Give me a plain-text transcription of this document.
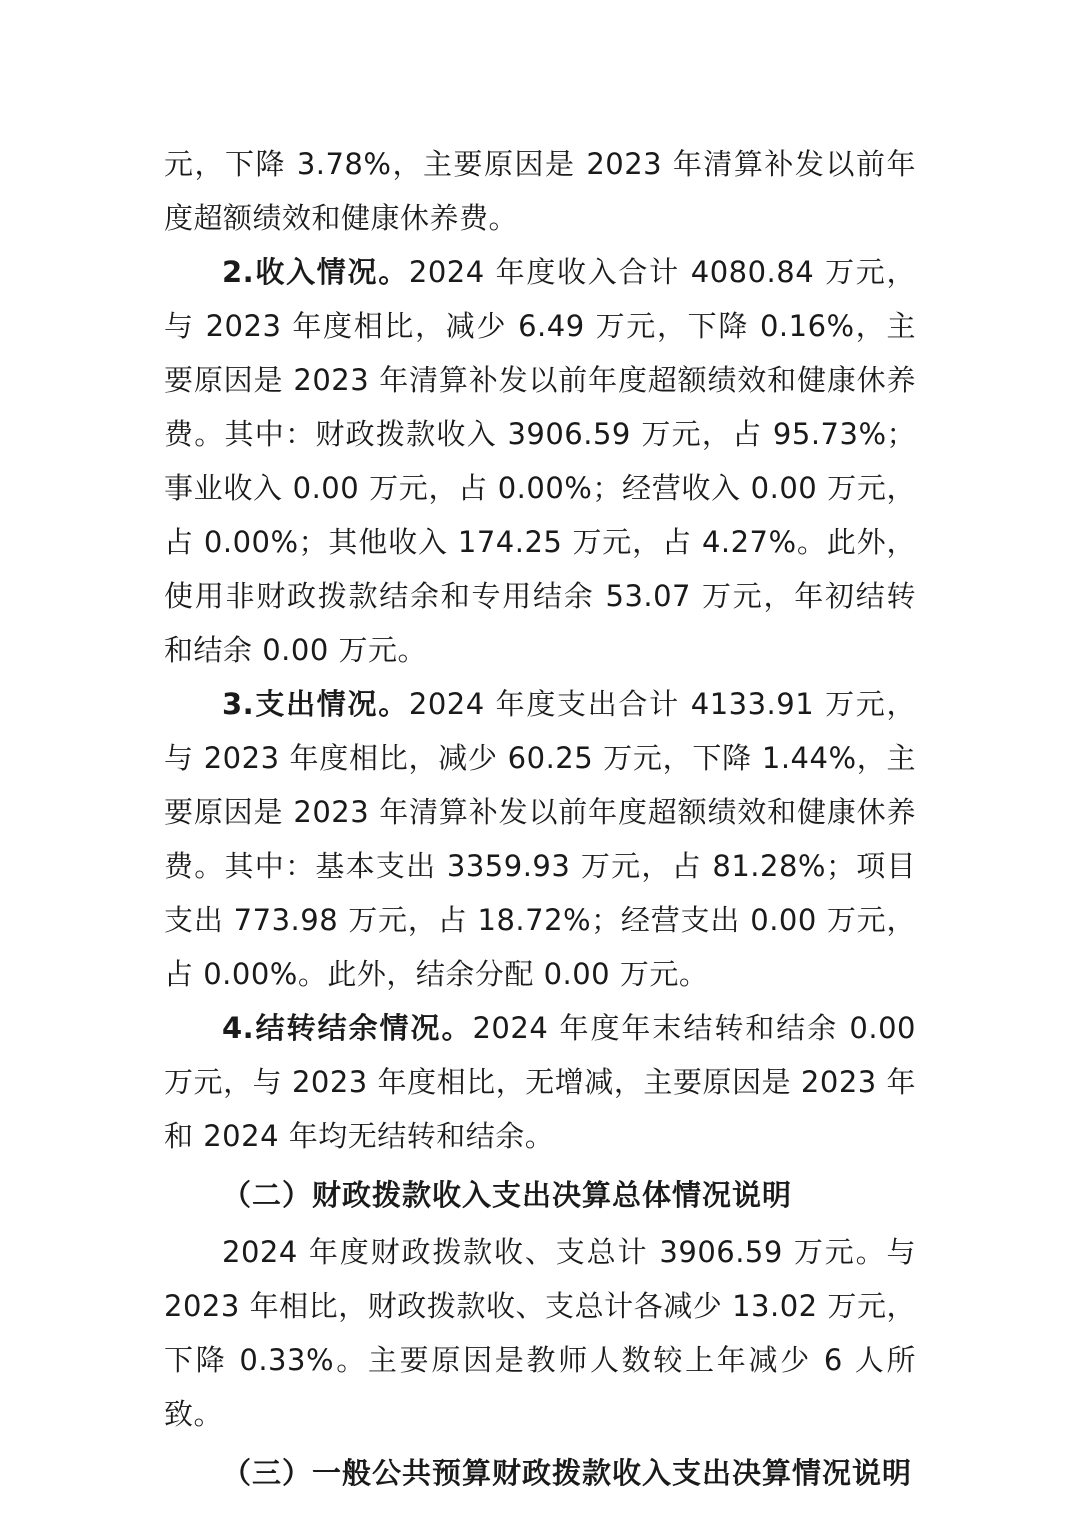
元，下降 3.78%，主要原因是 2023 年清算补发以前年度超额绩效和健康休养费。

2.收入情况。2024 年度收入合计 4080.84 万元，与 2023 年度相比，减少 6.49 万元，下降 0.16%，主要原因是 2023 年清算补发以前年度超额绩效和健康休养费。其中：财政拨款收入 3906.59 万元，占 95.73%；事业收入 0.00 万元，占 0.00%；经营收入 0.00 万元，占 0.00%；其他收入 174.25 万元，占 4.27%。此外，使用非财政拨款结余和专用结余 53.07 万元，年初结转和结余 0.00 万元。

3.支出情况。2024 年度支出合计 4133.91 万元，与 2023 年度相比，减少 60.25 万元，下降 1.44%，主要原因是 2023 年清算补发以前年度超额绩效和健康休养费。其中：基本支出 3359.93 万元，占 81.28%；项目支出 773.98 万元，占 18.72%；经营支出 0.00 万元，占 0.00%。此外，结余分配 0.00 万元。

4.结转结余情况。2024 年度年末结转和结余 0.00 万元，与 2023 年度相比，无增减，主要原因是 2023 年和 2024 年均无结转和结余。

（二）财政拨款收入支出决算总体情况说明

2024 年度财政拨款收、支总计 3906.59 万元。与 2023 年相比，财政拨款收、支总计各减少 13.02 万元，下降 0.33%。主要原因是教师人数较上年减少 6 人所致。

（三）一般公共预算财政拨款收入支出决算情况说明
